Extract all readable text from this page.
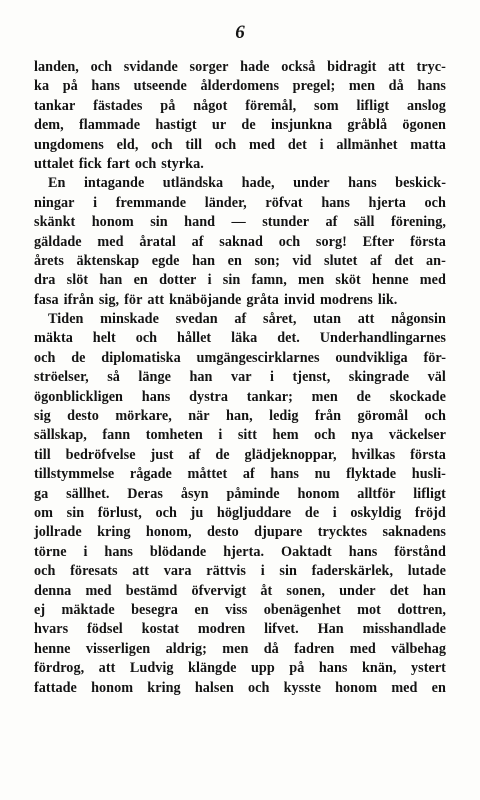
6
landen, och svidande sorger hade också bidragit att tryc-
ka på hans utseende ålderdomens pregel; men då hans
tankar fästades på något föremål, som lifligt anslog
dem, flammade hastigt ur de insjunkna gråblå ögonen
ungdomens eld, och till och med det i allmänhet matta
uttalet fick fart och styrka.
En intagande utländska hade, under hans beskick-
ningar i fremmande länder, röfvat hans hjerta och
skänkt honom sin hand — stunder af säll förening,
gäldade med åratal af saknad och sorg! Efter första
årets äktenskap egde han en son; vid slutet af det an-
dra slöt han en dotter i sin famn, men sköt henne med
fasa ifrån sig, för att knäböjande gråta invid modrens lik.
Tiden minskade svedan af såret, utan att någonsin
mäkta helt och hållet läka det. Underhandlingarnes
och de diplomatiska umgängescirklarnes oundvikliga för-
ströelser, så länge han var i tjenst, skingrade väl
ögonblickligen hans dystra tankar; men de skockade
sig desto mörkare, när han, ledig från göromål och
sällskap, fann tomheten i sitt hem och nya väckelser
till bedröfvelse just af de glädjeknoppar, hvilkas första
tillstymmelse rågade måttet af hans nu flyktade husli-
ga sällhet. Deras åsyn påminde honom alltför lifligt
om sin förlust, och ju högljuddare de i oskyldig fröjd
jollrade kring honom, desto djupare trycktes saknadens
törne i hans blödande hjerta. Oaktadt hans förstånd
och föresats att vara rättvis i sin faderskärlek, lutade
denna med bestämd öfvervigt åt sonen, under det han
ej mäktade besegra en viss obenägenhet mot dottren,
hvars födsel kostat modren lifvet. Han misshandlade
henne visserligen aldrig; men då fadren med välbehag
fördrog, att Ludvig klängde upp på hans knän, ystert
fattade honom kring halsen och kysste honom med en
